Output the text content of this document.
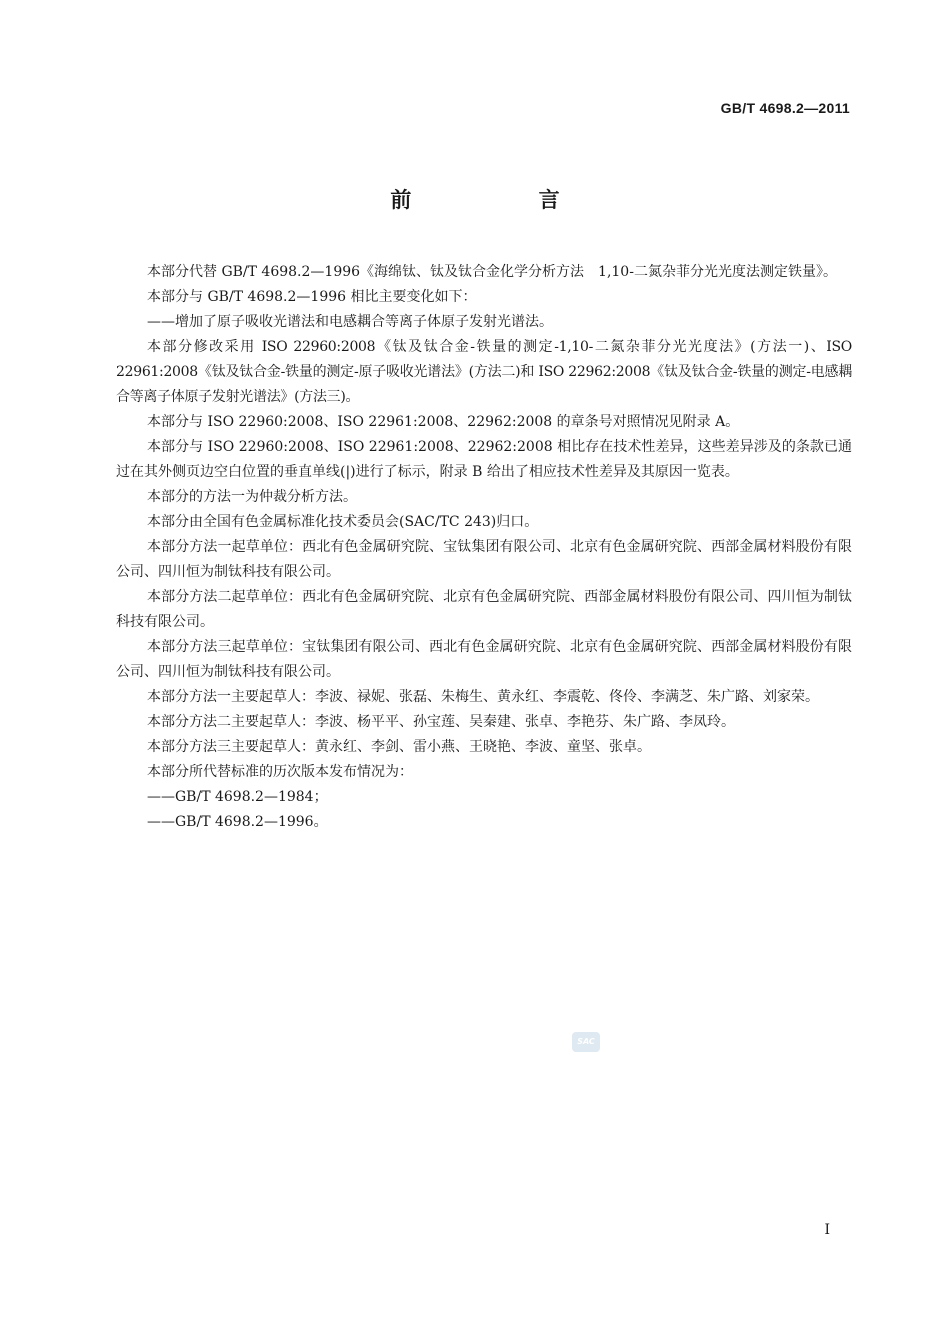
GB/T 4698.2—2011
前 言

本部分代替 GB/T 4698.2—1996《海绵钛、钛及钛合金化学分析方法　1,10-二氮杂菲分光光度法测定铁量》。

本部分与 GB/T 4698.2—1996 相比主要变化如下：

——增加了原子吸收光谱法和电感耦合等离子体原子发射光谱法。

本部分修改采用 ISO 22960:2008《钛及钛合金-铁量的测定-1,10-二氮杂菲分光光度法》(方法一)、ISO 22961:2008《钛及钛合金-铁量的测定-原子吸收光谱法》(方法二)和 ISO 22962:2008《钛及钛合金-铁量的测定-电感耦合等离子体原子发射光谱法》(方法三)。

本部分与 ISO 22960:2008、ISO 22961:2008、22962:2008 的章条号对照情况见附录 A。

本部分与 ISO 22960:2008、ISO 22961:2008、22962:2008 相比存在技术性差异，这些差异涉及的条款已通过在其外侧页边空白位置的垂直单线(|)进行了标示，附录 B 给出了相应技术性差异及其原因一览表。

本部分的方法一为仲裁分析方法。

本部分由全国有色金属标准化技术委员会(SAC/TC 243)归口。

本部分方法一起草单位：西北有色金属研究院、宝钛集团有限公司、北京有色金属研究院、西部金属材料股份有限公司、四川恒为制钛科技有限公司。

本部分方法二起草单位：西北有色金属研究院、北京有色金属研究院、西部金属材料股份有限公司、四川恒为制钛科技有限公司。

本部分方法三起草单位：宝钛集团有限公司、西北有色金属研究院、北京有色金属研究院、西部金属材料股份有限公司、四川恒为制钛科技有限公司。

本部分方法一主要起草人：李波、禄妮、张磊、朱梅生、黄永红、李震乾、佟伶、李满芝、朱广路、刘家荣。

本部分方法二主要起草人：李波、杨平平、孙宝莲、吴秦建、张卓、李艳芬、朱广路、李凤玲。

本部分方法三主要起草人：黄永红、李剑、雷小燕、王晓艳、李波、童坚、张卓。

本部分所代替标准的历次版本发布情况为：

——GB/T 4698.2—1984；

——GB/T 4698.2—1996。

SAC
I
